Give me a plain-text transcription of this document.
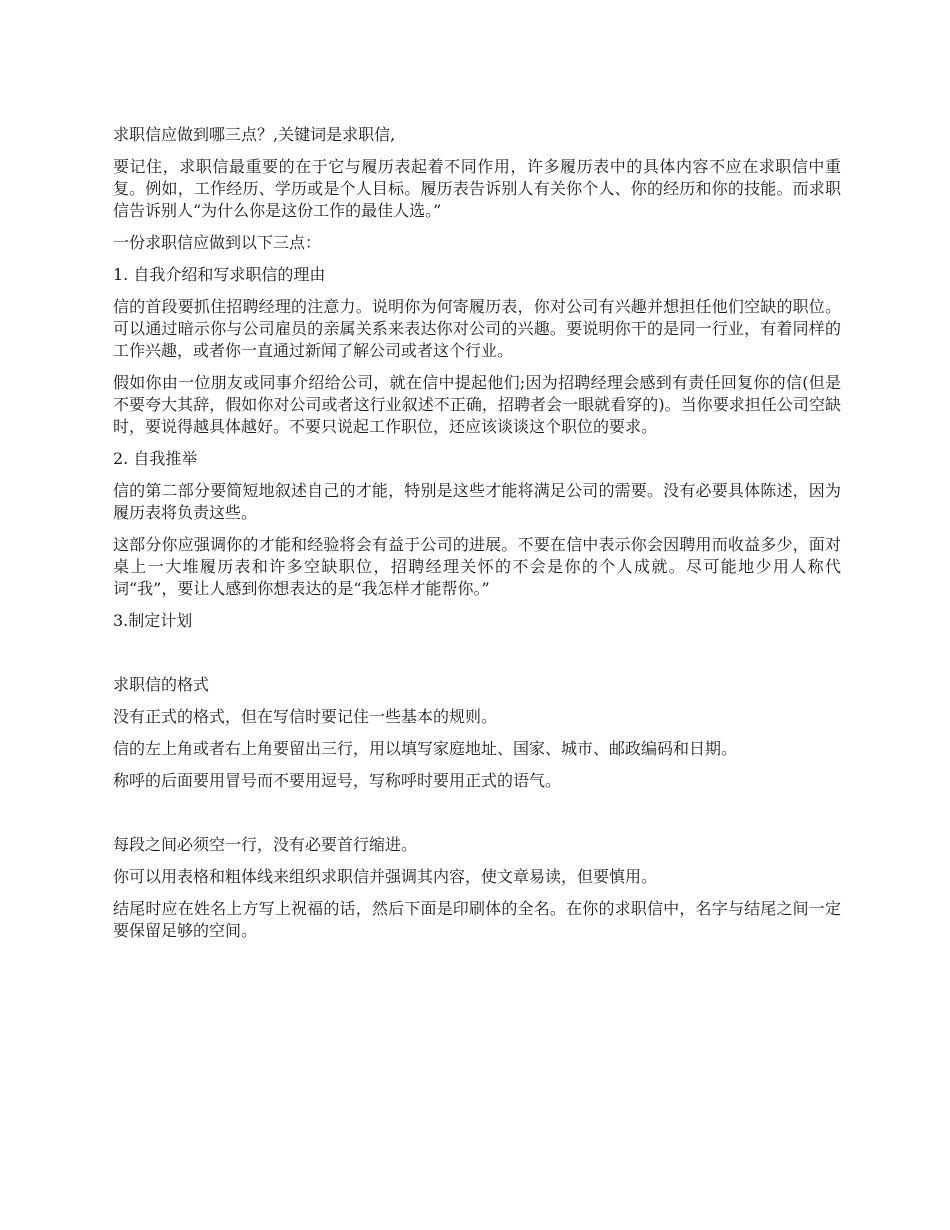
求职信应做到哪三点？,关键词是求职信,

要记住，求职信最重要的在于它与履历表起着不同作用，许多履历表中的具体内容不应在求职信中重复。例如，工作经历、学历或是个人目标。履历表告诉别人有关你个人、你的经历和你的技能。而求职信告诉别人“为什么你是这份工作的最佳人选。”

一份求职信应做到以下三点：

1. 自我介绍和写求职信的理由

信的首段要抓住招聘经理的注意力。说明你为何寄履历表，你对公司有兴趣并想担任他们空缺的职位。可以通过暗示你与公司雇员的亲属关系来表达你对公司的兴趣。要说明你干的是同一行业，有着同样的工作兴趣，或者你一直通过新闻了解公司或者这个行业。

假如你由一位朋友或同事介绍给公司，就在信中提起他们;因为招聘经理会感到有责任回复你的信(但是不要夸大其辞，假如你对公司或者这行业叙述不正确，招聘者会一眼就看穿的)。当你要求担任公司空缺时，要说得越具体越好。不要只说起工作职位，还应该谈谈这个职位的要求。

2. 自我推举

信的第二部分要简短地叙述自己的才能，特别是这些才能将满足公司的需要。没有必要具体陈述，因为履历表将负责这些。

这部分你应强调你的才能和经验将会有益于公司的进展。不要在信中表示你会因聘用而收益多少，面对桌上一大堆履历表和许多空缺职位，招聘经理关怀的不会是你的个人成就。尽可能地少用人称代词“我”，要让人感到你想表达的是“我怎样才能帮你。”

3.制定计划

求职信的格式

没有正式的格式，但在写信时要记住一些基本的规则。

信的左上角或者右上角要留出三行，用以填写家庭地址、国家、城市、邮政编码和日期。

称呼的后面要用冒号而不要用逗号，写称呼时要用正式的语气。

每段之间必须空一行，没有必要首行缩进。

你可以用表格和粗体线来组织求职信并强调其内容，使文章易读，但要慎用。

结尾时应在姓名上方写上祝福的话，然后下面是印刷体的全名。在你的求职信中，名字与结尾之间一定要保留足够的空间。
